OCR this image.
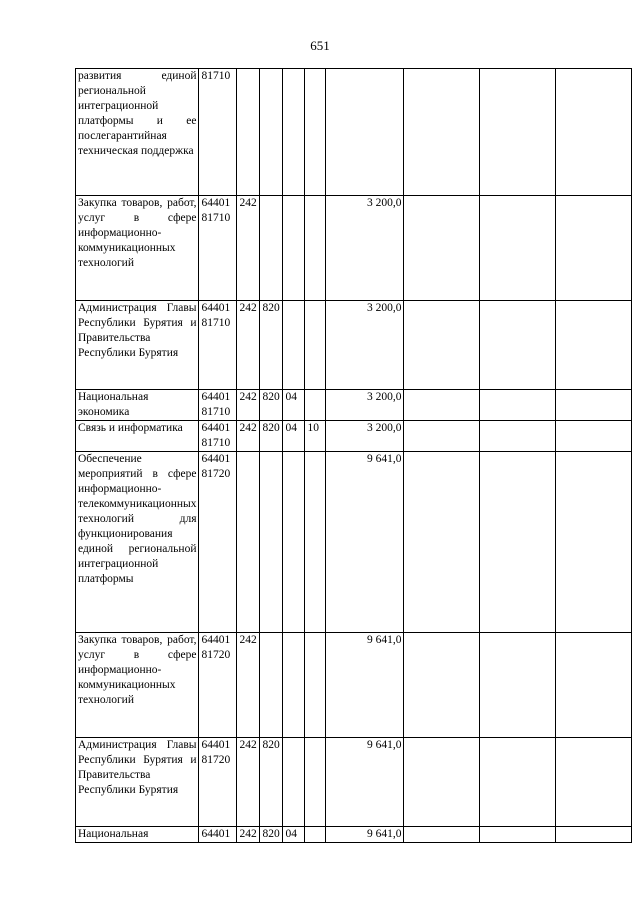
651
развития единой региональной интеграционной платформы и ее послегарантийная техническая поддержка	81710								
Закупка товаров, работ, услуг в сфере информационно-коммуникационных технологий	64401 81710	242				3 200,0			
Администрация Главы Республики Бурятия и Правительства Республики Бурятия	64401 81710	242	820			3 200,0			
Национальная экономика	64401 81710	242	820	04		3 200,0			
Связь и информатика	64401 81710	242	820	04	10	3 200,0			
Обеспечение мероприятий в сфере информационно-телекоммуникационных технологий для функционирования единой региональной интеграционной платформы	64401 81720					9 641,0			
Закупка товаров, работ, услуг в сфере информационно-коммуникационных технологий	64401 81720	242				9 641,0			
Администрация Главы Республики Бурятия и Правительства Республики Бурятия	64401 81720	242	820			9 641,0			
Национальная	64401	242	820	04		9 641,0			
